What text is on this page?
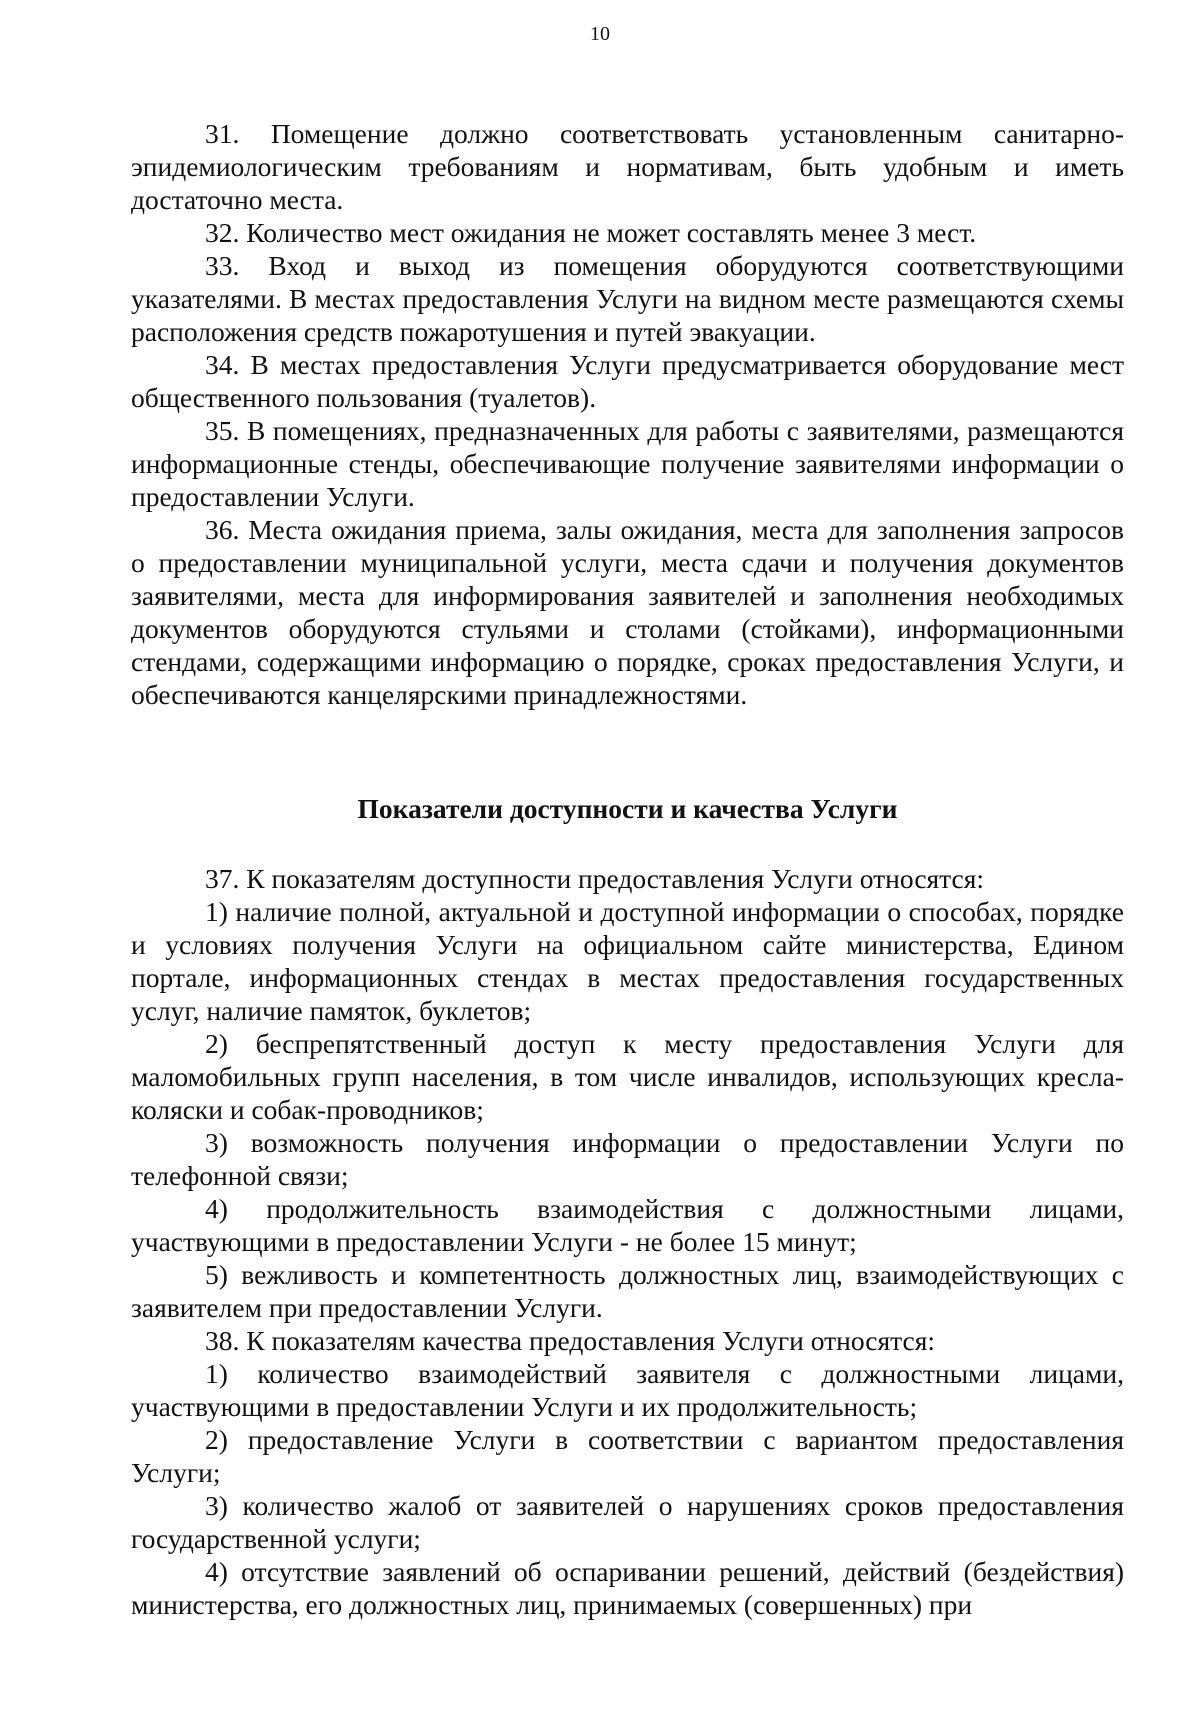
10

31. Помещение должно соответствовать установленным санитарно-эпидемиологическим требованиям и нормативам, быть удобным и иметь достаточно места.

32. Количество мест ожидания не может составлять менее 3 мест.

33. Вход и выход из помещения оборудуются соответствующими указателями. В местах предоставления Услуги на видном месте размещаются схемы расположения средств пожаротушения и путей эвакуации.

34. В местах предоставления Услуги предусматривается оборудование мест общественного пользования (туалетов).

35. В помещениях, предназначенных для работы с заявителями, размещаются информационные стенды, обеспечивающие получение заявителями информации о предоставлении Услуги.

36. Места ожидания приема, залы ожидания, места для заполнения запросов о предоставлении муниципальной услуги, места сдачи и получения документов заявителями, места для информирования заявителей и заполнения необходимых документов оборудуются стульями и столами (стойками), информационными стендами, содержащими информацию о порядке, сроках предоставления Услуги, и обеспечиваются канцелярскими принадлежностями.

Показатели доступности и качества Услуги

37. К показателям доступности предоставления Услуги относятся:

1) наличие полной, актуальной и доступной информации о способах, порядке и условиях получения Услуги на официальном сайте министерства, Едином портале, информационных стендах в местах предоставления государственных услуг, наличие памяток, буклетов;

2) беспрепятственный доступ к месту предоставления Услуги для маломобильных групп населения, в том числе инвалидов, использующих кресла-коляски и собак-проводников;

3) возможность получения информации о предоставлении Услуги по телефонной связи;

4) продолжительность взаимодействия с должностными лицами, участвующими в предоставлении Услуги - не более 15 минут;

5) вежливость и компетентность должностных лиц, взаимодействующих с заявителем при предоставлении Услуги.

38. К показателям качества предоставления Услуги относятся:

1) количество взаимодействий заявителя с должностными лицами, участвующими в предоставлении Услуги и их продолжительность;

2) предоставление Услуги в соответствии с вариантом предоставления Услуги;

3) количество жалоб от заявителей о нарушениях сроков предоставления государственной услуги;

4) отсутствие заявлений об оспаривании решений, действий (бездействия) министерства, его должностных лиц, принимаемых (совершенных) при
